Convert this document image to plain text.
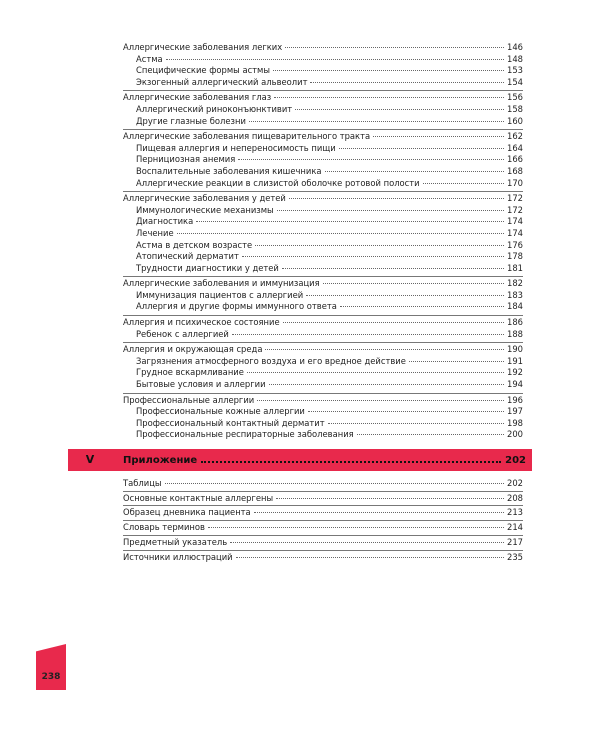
Аллергические заболевания легких	146
Астма	148
Специфические формы астмы	153
Экзогенный аллергический альвеолит	154
Аллергические заболевания глаз	156
Аллергический риноконъюнктивит	158
Другие глазные болезни	160
Аллергические заболевания пищеварительного тракта	162
Пищевая аллергия и непереносимость пищи	164
Пернициозная анемия	166
Воспалительные заболевания кишечника	168
Аллергические реакции в слизистой оболочке ротовой полости	170
Аллергические заболевания у детей	172
Иммунологические механизмы	172
Диагностика	174
Лечение	174
Астма в детском возрасте	176
Атопический дерматит	178
Трудности диагностики у детей	181
Аллергические заболевания и иммунизация	182
Иммунизация пациентов с аллергией	183
Аллергия и другие формы иммунного ответа	184
Аллергия и психическое состояние	186
Ребенок с аллергией	188
Аллергия и окружающая среда	190
Загрязнения атмосферного воздуха и его вредное действие	191
Грудное вскармливание	192
Бытовые условия и аллергии	194
Профессиональные аллергии	196
Профессиональные кожные аллергии	197
Профессиональный контактный дерматит	198
Профессиональные респираторные заболевания	200
V	Приложение	202
Таблицы	202
Основные контактные аллергены	208
Образец дневника пациента	213
Словарь терминов	214
Предметный указатель	217
Источники иллюстраций	235
238
